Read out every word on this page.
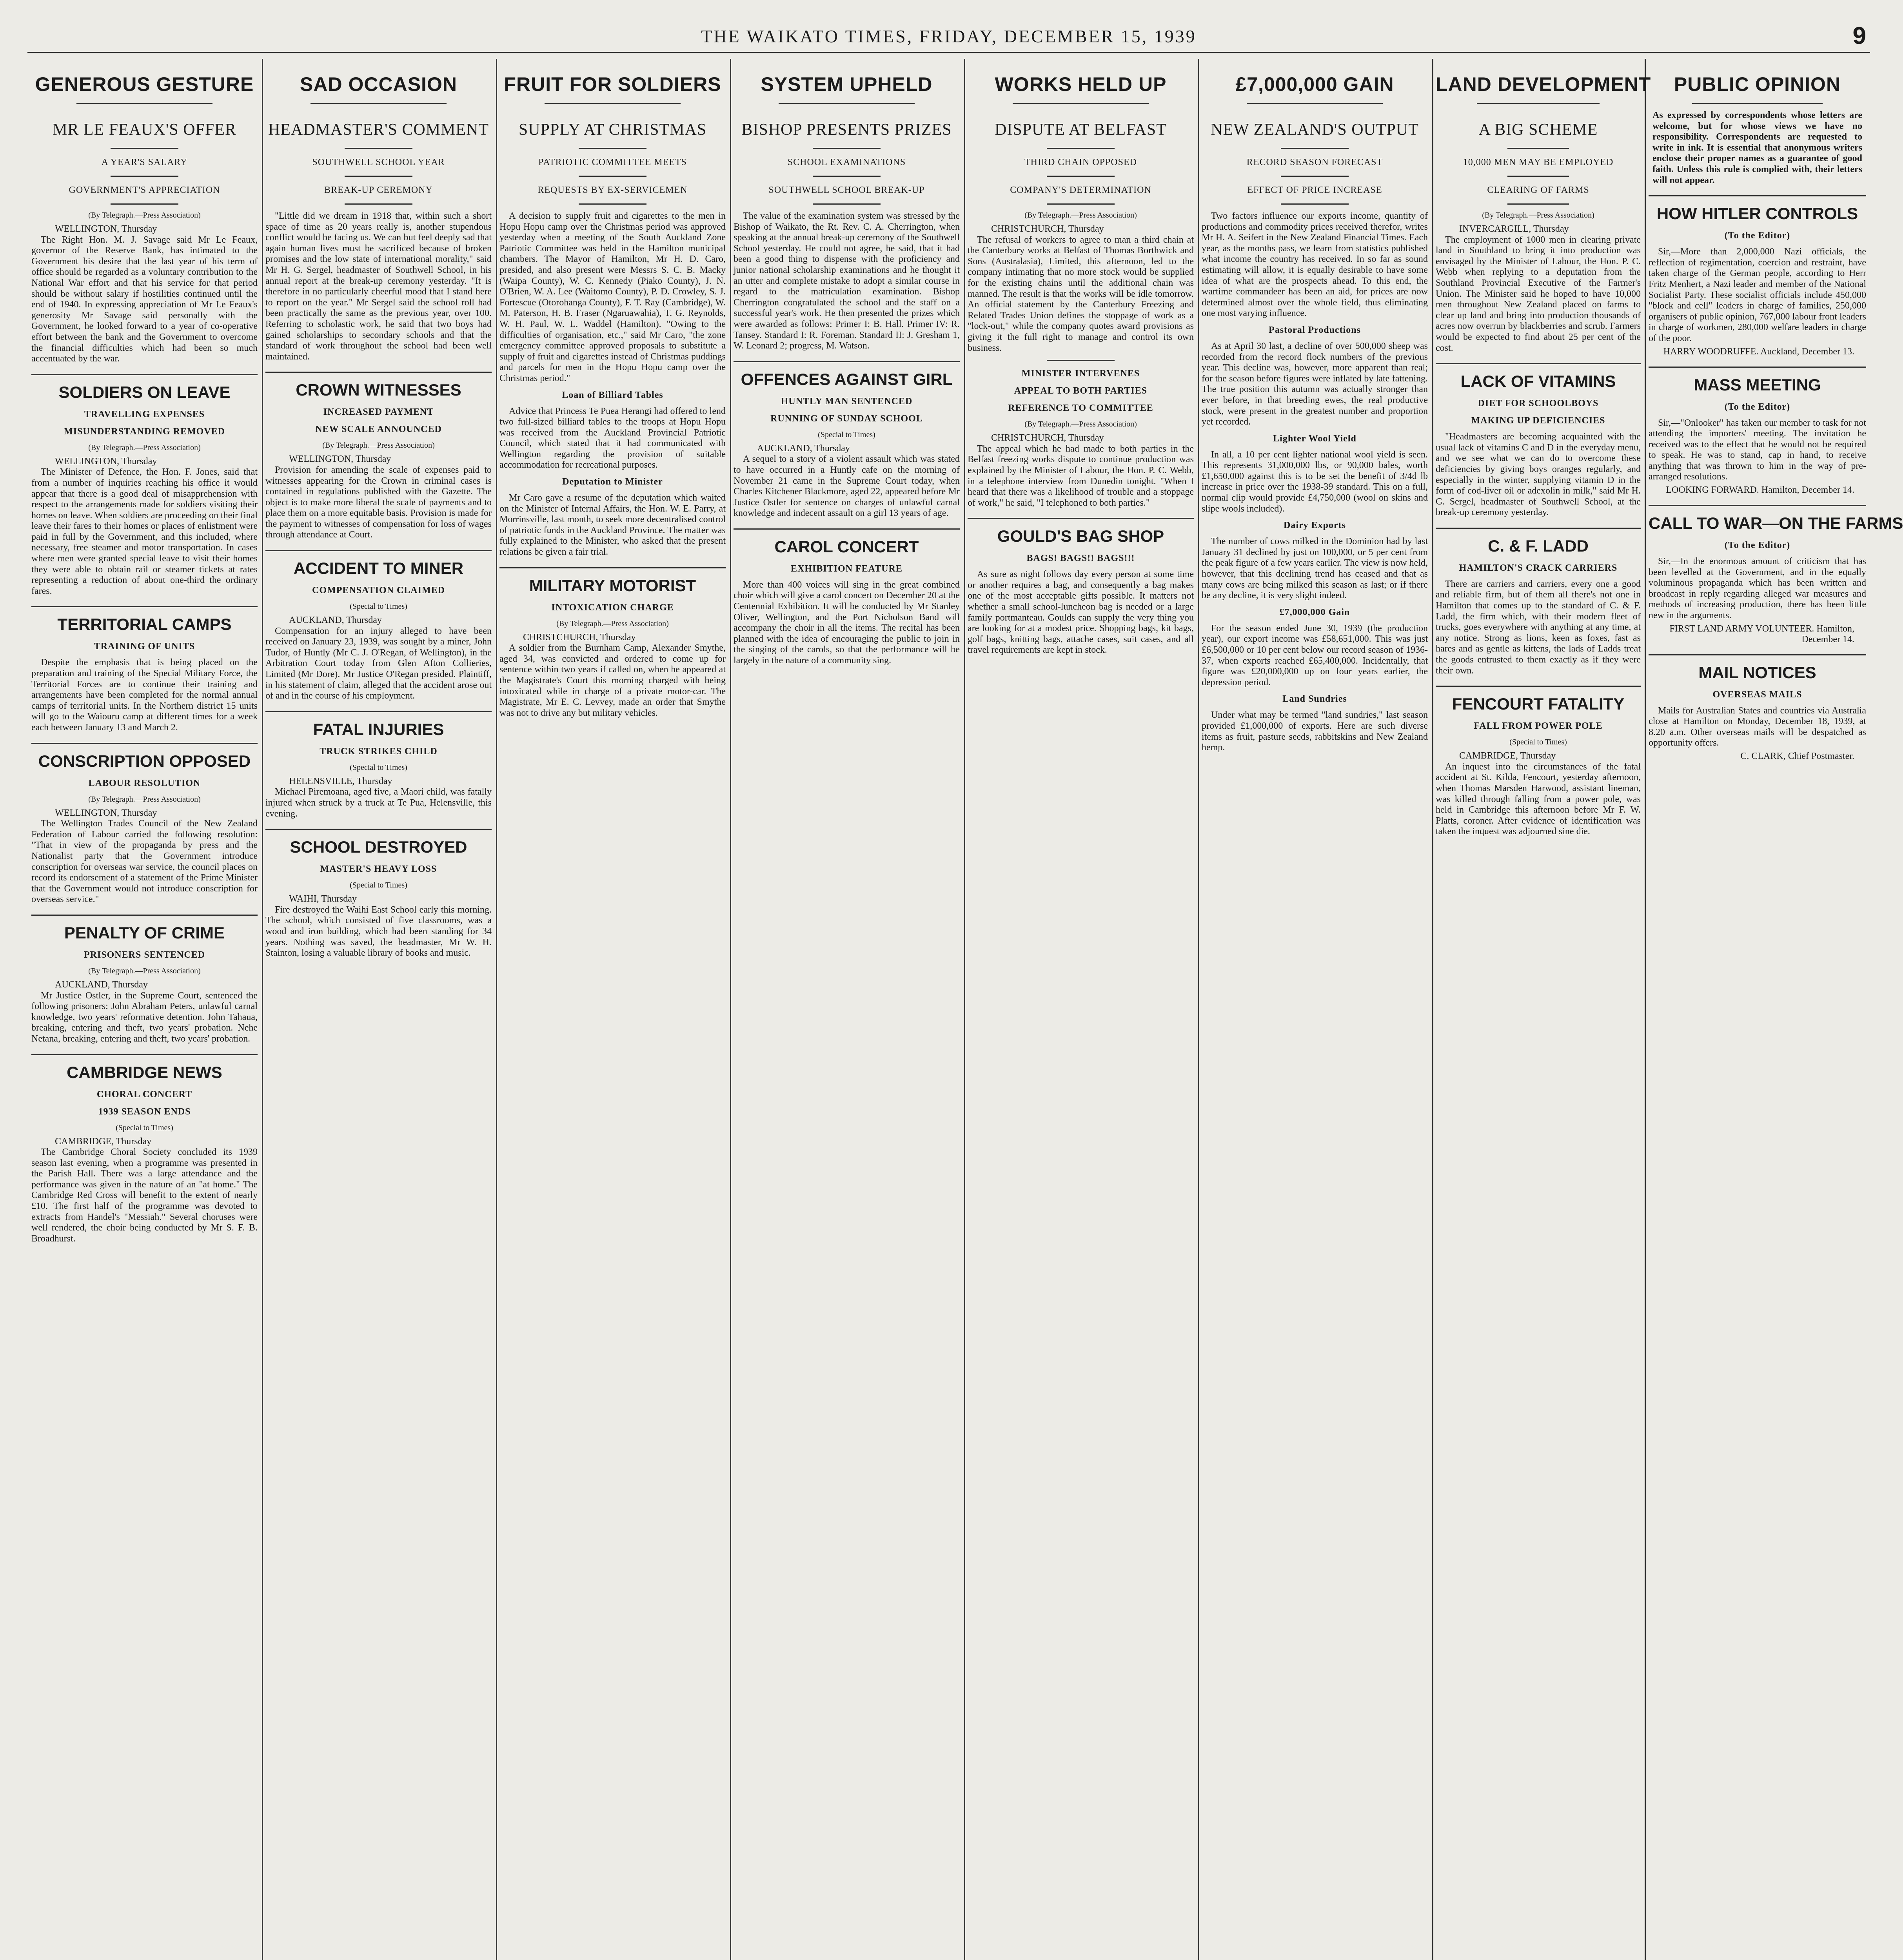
THE WAIKATO TIMES, FRIDAY, DECEMBER 15, 1939	9
GENEROUS GESTURE
MR LE FEAUX'S OFFER
A YEAR'S SALARY
GOVERNMENT'S APPRECIATION
(By Telegraph.—Press Association)

WELLINGTON, Thursday

The Right Hon. M. J. Savage said Mr Le Feaux, governor of the Reserve Bank, has intimated to the Government his desire that the last year of his term of office should be regarded as a voluntary contribution to the National War effort and that his service for that period should be without salary if hostilities continued until the end of 1940. In expressing appreciation of Mr Le Feaux's generosity Mr Savage said personally with the Government, he looked forward to a year of co-operative effort between the bank and the Government to overcome the financial difficulties which had been so much accentuated by the war.

SOLDIERS ON LEAVE
TRAVELLING EXPENSES
MISUNDERSTANDING REMOVED
(By Telegraph.—Press Association)

WELLINGTON, Thursday

The Minister of Defence, the Hon. F. Jones, said that from a number of inquiries reaching his office it would appear that there is a good deal of misapprehension with respect to the arrangements made for soldiers visiting their homes on leave. When soldiers are proceeding on their final leave their fares to their homes or places of enlistment were paid in full by the Government, and this included, where necessary, free steamer and motor transportation. In cases where men were granted special leave to visit their homes they were able to obtain rail or steamer tickets at rates representing a reduction of about one-third the ordinary fares.

TERRITORIAL CAMPS
TRAINING OF UNITS

Despite the emphasis that is being placed on the preparation and training of the Special Military Force, the Territorial Forces are to continue their training and arrangements have been completed for the normal annual camps of territorial units. In the Northern district 15 units will go to the Waiouru camp at different times for a week each between January 13 and March 2.

CONSCRIPTION OPPOSED
LABOUR RESOLUTION
(By Telegraph.—Press Association)

WELLINGTON, Thursday

The Wellington Trades Council of the New Zealand Federation of Labour carried the following resolution: "That in view of the propaganda by press and the Nationalist party that the Government introduce conscription for overseas war service, the council places on record its endorsement of a statement of the Prime Minister that the Government would not introduce conscription for overseas service."

PENALTY OF CRIME
PRISONERS SENTENCED
(By Telegraph.—Press Association)

AUCKLAND, Thursday

Mr Justice Ostler, in the Supreme Court, sentenced the following prisoners: John Abraham Peters, unlawful carnal knowledge, two years' reformative detention. John Tahaua, breaking, entering and theft, two years' probation. Nehe Netana, breaking, entering and theft, two years' probation.

CAMBRIDGE NEWS
CHORAL CONCERT
1939 SEASON ENDS
(Special to Times)

CAMBRIDGE, Thursday

The Cambridge Choral Society concluded its 1939 season last evening, when a programme was presented in the Parish Hall. There was a large attendance and the performance was given in the nature of an "at home." The Cambridge Red Cross will benefit to the extent of nearly £10. The first half of the programme was devoted to extracts from Handel's "Messiah." Several choruses were well rendered, the choir being conducted by Mr S. F. B. Broadhurst.

SAD OCCASION
HEADMASTER'S COMMENT
SOUTHWELL SCHOOL YEAR
BREAK-UP CEREMONY

"Little did we dream in 1918 that, within such a short space of time as 20 years really is, another stupendous conflict would be facing us. We can but feel deeply sad that again human lives must be sacrificed because of broken promises and the low state of international morality," said Mr H. G. Sergel, headmaster of Southwell School, in his annual report at the break-up ceremony yesterday. "It is therefore in no particularly cheerful mood that I stand here to report on the year." Mr Sergel said the school roll had been practically the same as the previous year, over 100. Referring to scholastic work, he said that two boys had gained scholarships to secondary schools and that the standard of work throughout the school had been well maintained.

CROWN WITNESSES
INCREASED PAYMENT
NEW SCALE ANNOUNCED
(By Telegraph.—Press Association)

WELLINGTON, Thursday

Provision for amending the scale of expenses paid to witnesses appearing for the Crown in criminal cases is contained in regulations published with the Gazette. The object is to make more liberal the scale of payments and to place them on a more equitable basis. Provision is made for the payment to witnesses of compensation for loss of wages through attendance at Court.

ACCIDENT TO MINER
COMPENSATION CLAIMED
(Special to Times)

AUCKLAND, Thursday

Compensation for an injury alleged to have been received on January 23, 1939, was sought by a miner, John Tudor, of Huntly (Mr C. J. O'Regan, of Wellington), in the Arbitration Court today from Glen Afton Collieries, Limited (Mr Dore). Mr Justice O'Regan presided. Plaintiff, in his statement of claim, alleged that the accident arose out of and in the course of his employment.

FATAL INJURIES
TRUCK STRIKES CHILD
(Special to Times)

HELENSVILLE, Thursday

Michael Piremoana, aged five, a Maori child, was fatally injured when struck by a truck at Te Pua, Helensville, this evening.

SCHOOL DESTROYED
MASTER'S HEAVY LOSS
(Special to Times)

WAIHI, Thursday

Fire destroyed the Waihi East School early this morning. The school, which consisted of five classrooms, was a wood and iron building, which had been standing for 34 years. Nothing was saved, the headmaster, Mr W. H. Stainton, losing a valuable library of books and music.

FRUIT FOR SOLDIERS
SUPPLY AT CHRISTMAS
PATRIOTIC COMMITTEE MEETS
REQUESTS BY EX-SERVICEMEN

A decision to supply fruit and cigarettes to the men in Hopu Hopu camp over the Christmas period was approved yesterday when a meeting of the South Auckland Zone Patriotic Committee was held in the Hamilton municipal chambers. The Mayor of Hamilton, Mr H. D. Caro, presided, and also present were Messrs S. C. B. Macky (Waipa County), W. C. Kennedy (Piako County), J. N. O'Brien, W. A. Lee (Waitomo County), P. D. Crowley, S. J. Fortescue (Otorohanga County), F. T. Ray (Cambridge), W. M. Paterson, H. B. Fraser (Ngaruawahia), T. G. Reynolds, W. H. Paul, W. L. Waddel (Hamilton). "Owing to the difficulties of organisation, etc.," said Mr Caro, "the zone emergency committee approved proposals to substitute a supply of fruit and cigarettes instead of Christmas puddings and parcels for men in the Hopu Hopu camp over the Christmas period."

Loan of Billiard Tables

Advice that Princess Te Puea Herangi had offered to lend two full-sized billiard tables to the troops at Hopu Hopu was received from the Auckland Provincial Patriotic Council, which stated that it had communicated with Wellington regarding the provision of suitable accommodation for recreational purposes.

Deputation to Minister

Mr Caro gave a resume of the deputation which waited on the Minister of Internal Affairs, the Hon. W. E. Parry, at Morrinsville, last month, to seek more decentralised control of patriotic funds in the Auckland Province. The matter was fully explained to the Minister, who asked that the present relations be given a fair trial.

MILITARY MOTORIST
INTOXICATION CHARGE
(By Telegraph.—Press Association)

CHRISTCHURCH, Thursday

A soldier from the Burnham Camp, Alexander Smythe, aged 34, was convicted and ordered to come up for sentence within two years if called on, when he appeared at the Magistrate's Court this morning charged with being intoxicated while in charge of a private motor-car. The Magistrate, Mr E. C. Levvey, made an order that Smythe was not to drive any but military vehicles.

SYSTEM UPHELD
BISHOP PRESENTS PRIZES
SCHOOL EXAMINATIONS
SOUTHWELL SCHOOL BREAK-UP

The value of the examination system was stressed by the Bishop of Waikato, the Rt. Rev. C. A. Cherrington, when speaking at the annual break-up ceremony of the Southwell School yesterday. He could not agree, he said, that it had been a good thing to dispense with the proficiency and junior national scholarship examinations and he thought it an utter and complete mistake to adopt a similar course in regard to the matriculation examination. Bishop Cherrington congratulated the school and the staff on a successful year's work. He then presented the prizes which were awarded as follows: Primer I: B. Hall. Primer IV: R. Tansey. Standard I: R. Foreman. Standard II: J. Gresham 1, W. Leonard 2; progress, M. Watson.

OFFENCES AGAINST GIRL
HUNTLY MAN SENTENCED
RUNNING OF SUNDAY SCHOOL
(Special to Times)

AUCKLAND, Thursday

A sequel to a story of a violent assault which was stated to have occurred in a Huntly cafe on the morning of November 21 came in the Supreme Court today, when Charles Kitchener Blackmore, aged 22, appeared before Mr Justice Ostler for sentence on charges of unlawful carnal knowledge and indecent assault on a girl 13 years of age.

CAROL CONCERT
EXHIBITION FEATURE

More than 400 voices will sing in the great combined choir which will give a carol concert on December 20 at the Centennial Exhibition. It will be conducted by Mr Stanley Oliver, Wellington, and the Port Nicholson Band will accompany the choir in all the items. The recital has been planned with the idea of encouraging the public to join in the singing of the carols, so that the performance will be largely in the nature of a community sing.

WORKS HELD UP
DISPUTE AT BELFAST
THIRD CHAIN OPPOSED
COMPANY'S DETERMINATION
(By Telegraph.—Press Association)

CHRISTCHURCH, Thursday

The refusal of workers to agree to man a third chain at the Canterbury works at Belfast of Thomas Borthwick and Sons (Australasia), Limited, this afternoon, led to the company intimating that no more stock would be supplied for the existing chains until the additional chain was manned. The result is that the works will be idle tomorrow. An official statement by the Canterbury Freezing and Related Trades Union defines the stoppage of work as a "lock-out," while the company quotes award provisions as giving it the full right to manage and control its own business.

MINISTER INTERVENES
APPEAL TO BOTH PARTIES
REFERENCE TO COMMITTEE
(By Telegraph.—Press Association)

CHRISTCHURCH, Thursday

The appeal which he had made to both parties in the Belfast freezing works dispute to continue production was explained by the Minister of Labour, the Hon. P. C. Webb, in a telephone interview from Dunedin tonight. "When I heard that there was a likelihood of trouble and a stoppage of work," he said, "I telephoned to both parties."

GOULD'S BAG SHOP
BAGS! BAGS!! BAGS!!!

As sure as night follows day every person at some time or another requires a bag, and consequently a bag makes one of the most acceptable gifts possible. It matters not whether a small school-luncheon bag is needed or a large family portmanteau. Goulds can supply the very thing you are looking for at a modest price. Shopping bags, kit bags, golf bags, knitting bags, attache cases, suit cases, and all travel requirements are kept in stock.

£7,000,000 GAIN
NEW ZEALAND'S OUTPUT
RECORD SEASON FORECAST
EFFECT OF PRICE INCREASE

Two factors influence our exports income, quantity of productions and commodity prices received therefor, writes Mr H. A. Seifert in the New Zealand Financial Times. Each year, as the months pass, we learn from statistics published what income the country has received. In so far as sound estimating will allow, it is equally desirable to have some idea of what are the prospects ahead. To this end, the wartime commandeer has been an aid, for prices are now determined almost over the whole field, thus eliminating one most varying influence.

Pastoral Productions

As at April 30 last, a decline of over 500,000 sheep was recorded from the record flock numbers of the previous year. This decline was, however, more apparent than real; for the season before figures were inflated by late fattening. The true position this autumn was actually stronger than ever before, in that breeding ewes, the real productive stock, were present in the greatest number and proportion yet recorded.

Lighter Wool Yield

In all, a 10 per cent lighter national wool yield is seen. This represents 31,000,000 lbs, or 90,000 bales, worth £1,650,000 against this is to be set the benefit of 3/4d lb increase in price over the 1938-39 standard. This on a full, normal clip would provide £4,750,000 (wool on skins and slipe wools included).

Dairy Exports

The number of cows milked in the Dominion had by last January 31 declined by just on 100,000, or 5 per cent from the peak figure of a few years earlier. The view is now held, however, that this declining trend has ceased and that as many cows are being milked this season as last; or if there be any decline, it is very slight indeed.

£7,000,000 Gain

For the season ended June 30, 1939 (the production year), our export income was £58,651,000. This was just £6,500,000 or 10 per cent below our record season of 1936-37, when exports reached £65,400,000. Incidentally, that figure was £20,000,000 up on four years earlier, the depression period.

Land Sundries

Under what may be termed "land sundries," last season provided £1,000,000 of exports. Here are such diverse items as fruit, pasture seeds, rabbitskins and New Zealand hemp.

LAND DEVELOPMENT
A BIG SCHEME
10,000 MEN MAY BE EMPLOYED
CLEARING OF FARMS
(By Telegraph.—Press Association)

INVERCARGILL, Thursday

The employment of 1000 men in clearing private land in Southland to bring it into production was envisaged by the Minister of Labour, the Hon. P. C. Webb when replying to a deputation from the Southland Provincial Executive of the Farmer's Union. The Minister said he hoped to have 10,000 men throughout New Zealand placed on farms to clear up land and bring into production thousands of acres now overrun by blackberries and scrub. Farmers would be expected to find about 25 per cent of the cost.

LACK OF VITAMINS
DIET FOR SCHOOLBOYS
MAKING UP DEFICIENCIES

"Headmasters are becoming acquainted with the usual lack of vitamins C and D in the everyday menu, and we see what we can do to overcome these deficiencies by giving boys oranges regularly, and especially in the winter, supplying vitamin D in the form of cod-liver oil or adexolin in milk," said Mr H. G. Sergel, headmaster of Southwell School, at the break-up ceremony yesterday.

C. & F. LADD
HAMILTON'S CRACK CARRIERS

There are carriers and carriers, every one a good and reliable firm, but of them all there's not one in Hamilton that comes up to the standard of C. & F. Ladd, the firm which, with their modern fleet of trucks, goes everywhere with anything at any time, at any notice. Strong as lions, keen as foxes, fast as hares and as gentle as kittens, the lads of Ladds treat the goods entrusted to them exactly as if they were their own.

FENCOURT FATALITY
FALL FROM POWER POLE
(Special to Times)

CAMBRIDGE, Thursday

An inquest into the circumstances of the fatal accident at St. Kilda, Fencourt, yesterday afternoon, when Thomas Marsden Harwood, assistant lineman, was killed through falling from a power pole, was held in Cambridge this afternoon before Mr F. W. Platts, coroner. After evidence of identification was taken the inquest was adjourned sine die.

PUBLIC OPINION

As expressed by correspondents whose letters are welcome, but for whose views we have no responsibility. Correspondents are requested to write in ink. It is essential that anonymous writers enclose their proper names as a guarantee of good faith. Unless this rule is complied with, their letters will not appear.

HOW HITLER CONTROLS
(To the Editor)

Sir,—More than 2,000,000 Nazi officials, the reflection of regimentation, coercion and restraint, have taken charge of the German people, according to Herr Fritz Menhert, a Nazi leader and member of the National Socialist Party. These socialist officials include 450,000 "block and cell" leaders in charge of families, 250,000 organisers of public opinion, 767,000 labour front leaders in charge of workmen, 280,000 welfare leaders in charge of the poor.

HARRY WOODRUFFE. Auckland, December 13.
MASS MEETING
(To the Editor)

Sir,—"Onlooker" has taken our member to task for not attending the importers' meeting. The invitation he received was to the effect that he would not be required to speak. He was to stand, cap in hand, to receive anything that was thrown to him in the way of pre-arranged resolutions.

LOOKING FORWARD. Hamilton, December 14.
CALL TO WAR—ON THE FARMS
(To the Editor)

Sir,—In the enormous amount of criticism that has been levelled at the Government, and in the equally voluminous propaganda which has been written and broadcast in reply regarding alleged war measures and methods of increasing production, there has been little new in the arguments.

FIRST LAND ARMY VOLUNTEER. Hamilton, December 14.
MAIL NOTICES
OVERSEAS MAILS

Mails for Australian States and countries via Australia close at Hamilton on Monday, December 18, 1939, at 8.20 a.m. Other overseas mails will be despatched as opportunity offers.

C. CLARK, Chief Postmaster.
